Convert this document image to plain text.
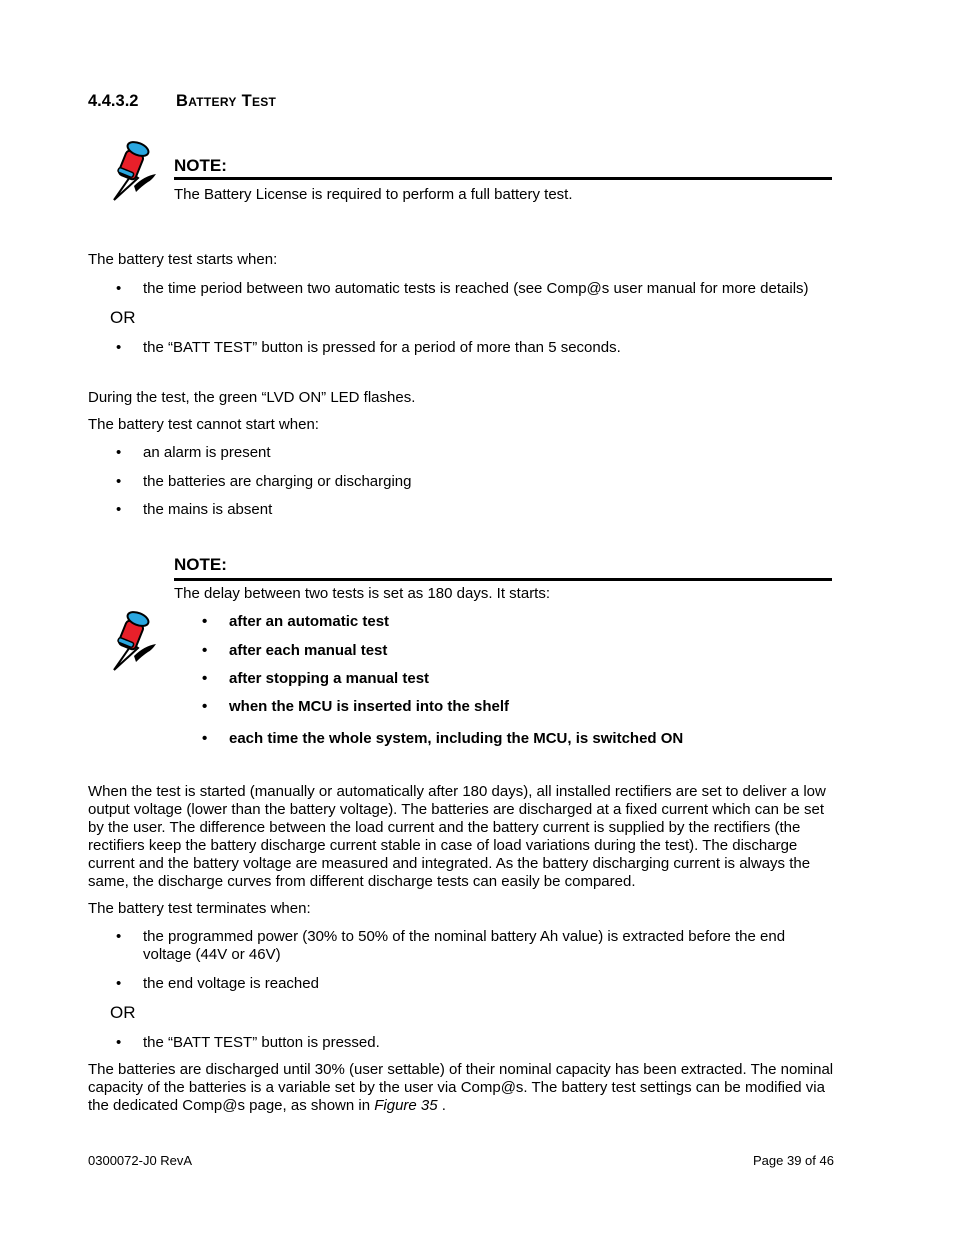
4.4.3.2 Battery Test
NOTE:
The Battery License is required to perform a full battery test.
The battery test starts when:
• the time period between two automatic tests is reached (see Comp@s user manual for more details)
OR
• the “BATT TEST” button is pressed for a period of more than 5 seconds.
During the test, the green “LVD ON” LED flashes.
The battery test cannot start when:
• an alarm is present
• the batteries are charging or discharging
• the mains is absent
NOTE:
The delay between two tests is set as 180 days. It starts:
• after an automatic test
• after each manual test
• after stopping a manual test
• when the MCU is inserted into the shelf
• each time the whole system, including the MCU, is switched ON
When the test is started (manually or automatically after 180 days), all installed rectifiers are set to deliver a low
output voltage (lower than the battery voltage). The batteries are discharged at a fixed current which can be set
by the user. The difference between the load current and the battery current is supplied by the rectifiers (the
rectifiers keep the battery discharge current stable in case of load variations during the test). The discharge
current and the battery voltage are measured and integrated. As the battery discharging current is always the
same, the discharge curves from different discharge tests can easily be compared.
The battery test terminates when:
• the programmed power (30% to 50% of the nominal battery Ah value) is extracted before the end
voltage (44V or 46V)
• the end voltage is reached
OR
• the “BATT TEST” button is pressed.
The batteries are discharged until 30% (user settable) of their nominal capacity has been extracted. The nominal
capacity of the batteries is a variable set by the user via Comp@s. The battery test settings can be modified via
the dedicated Comp@s page, as shown in Figure 35 .
0300072-J0 RevA	Page 39 of 46
